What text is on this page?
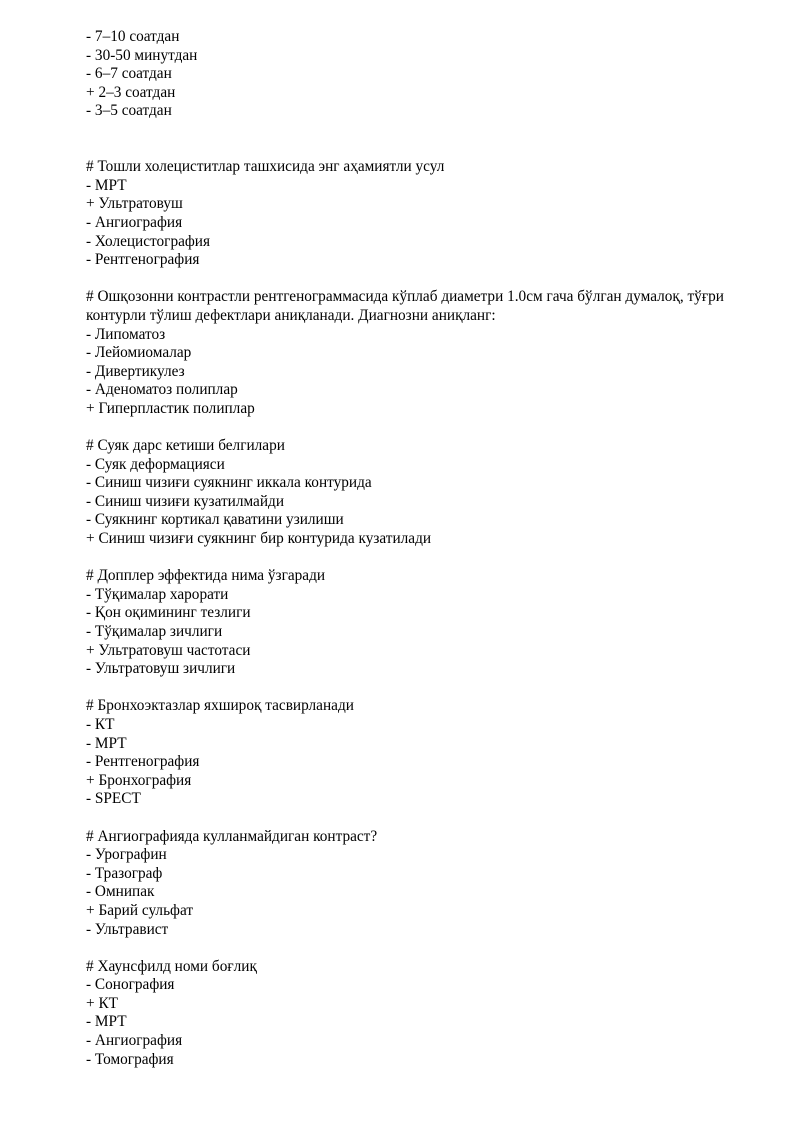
- 7–10 соатдан
- 30-50 минутдан
- 6–7 соатдан
+ 2–3 соатдан
- 3–5 соатдан
# Тошли холециститлар ташхисида энг аҳамиятли усул
- МРТ
+ Ультратовуш
- Ангиография
- Холецистография
- Рентгенография
# Ошқозонни контрастли рентгенограммасида кўплаб диаметри 1.0см гача бўлган думалоқ, тўғри контурли тўлиш дефектлари аниқланади. Диагнозни аниқланг:
- Липоматоз
- Лейомиомалар
- Дивертикулез
- Аденоматоз полиплар
+ Гиперпластик полиплар
# Суяк дарс кетиши белгилари
- Суяк деформацияси
- Синиш чизиғи суякнинг иккала контурида
- Синиш чизиғи кузатилмайди
- Суякнинг кортикал қаватини узилиши
+ Синиш чизиғи суякнинг бир контурида кузатилади
# Допплер эффектида нима ўзгаради
- Тўқималар харорати
- Қон оқимининг тезлиги
- Тўқималар зичлиги
+ Ультратовуш частотаси
- Ультратовуш зичлиги
# Бронхоэктазлар яхшироқ тасвирланади
- КТ
- МРТ
- Рентгенография
+ Бронхография
- SPECT
# Ангиографияда кулланмайдиган контраст?
- Урографин
- Тразограф
- Омнипак
+ Барий сульфат
- Ультравист
# Хаунсфилд номи боғлиқ
- Сонография
+ КТ
- МРТ
- Ангиография
- Томография
